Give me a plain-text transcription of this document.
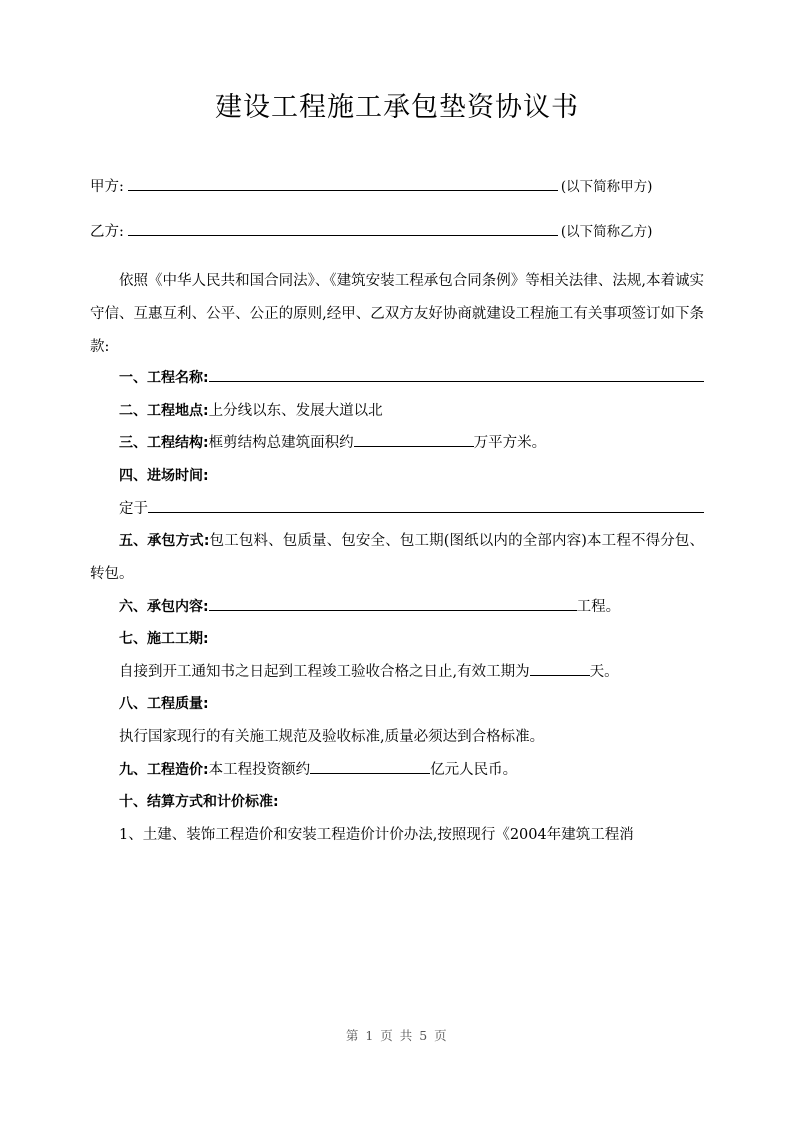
建设工程施工承包垫资协议书
甲方:	(以下简称甲方)
乙方:	(以下简称乙方)

依照《中华人民共和国合同法》、《建筑安装工程承包合同条例》等相关法律、法规,本着诚实守信、互惠互利、公平、公正的原则,经甲、乙双方友好协商就建设工程施工有关事项签订如下条款:

一、工程名称:

二、工程地点:上分线以东、发展大道以北

三、工程结构:框剪结构总建筑面积约	万平方米。

四、进场时间:

定于

五、承包方式:包工包料、包质量、包安全、包工期(图纸以内的全部内容)本工程不得分包、转包。

六、承包内容:	工程。

七、施工工期:

自接到开工通知书之日起到工程竣工验收合格之日止,有效工期为	天。

八、工程质量:

执行国家现行的有关施工规范及验收标准,质量必须达到合格标准。

九、工程造价:本工程投资额约	亿元人民币。

十、结算方式和计价标准:

1、土建、装饰工程造价和安装工程造价计价办法,按照现行《2004年建筑工程消

第 1 页 共 5 页
